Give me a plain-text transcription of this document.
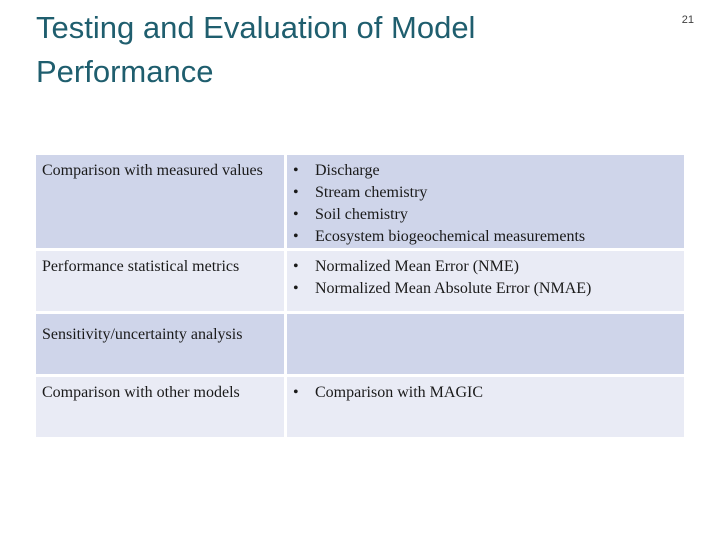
Testing and Evaluation of Model Performance
21
Comparison with measured values	•	Discharge
•	Stream chemistry
•	Soil chemistry
•	Ecosystem biogeochemical measurements
Performance statistical metrics	•	Normalized Mean Error (NME)
•	Normalized Mean Absolute Error (NMAE)
Sensitivity/uncertainty analysis
Comparison with other models	•	Comparison with MAGIC
